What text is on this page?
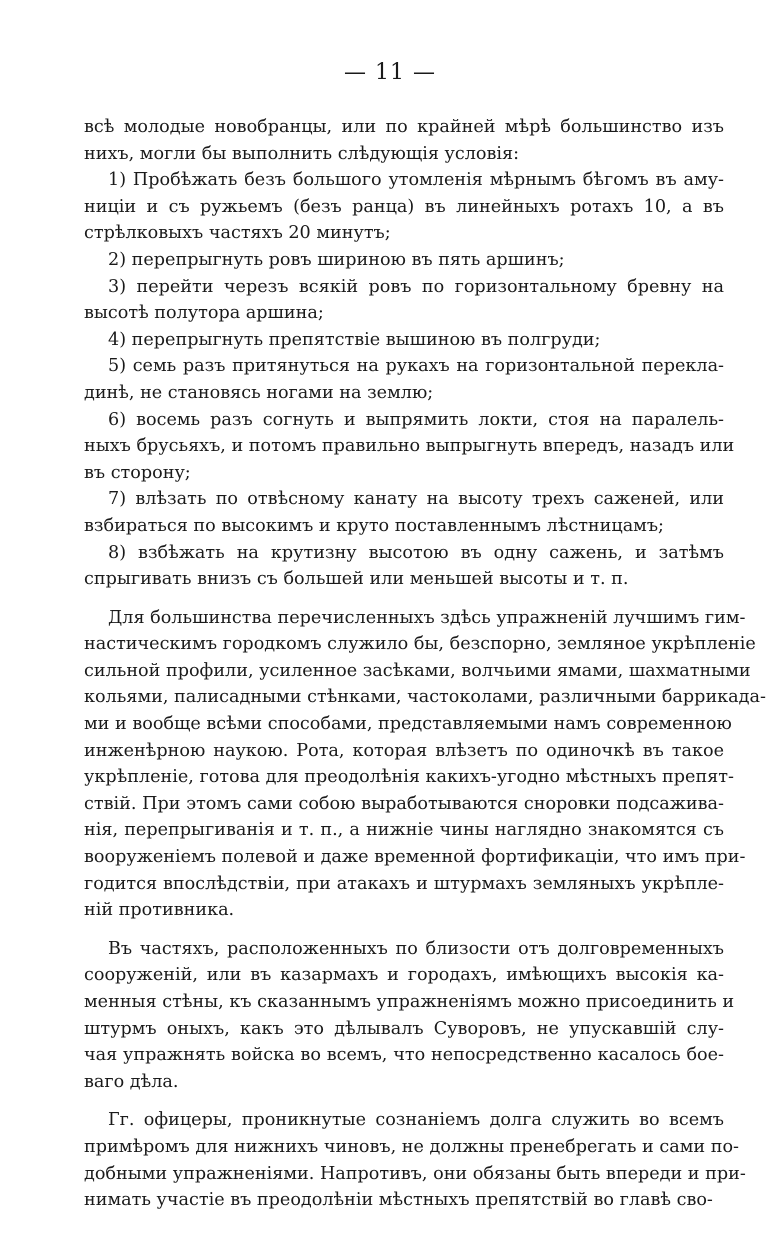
— 11 —

всѣ молодые новобранцы, или по крайней мѣрѣ большинство изъ
нихъ, могли бы выполнить слѣдующія условія:

1) Пробѣжать безъ большого утомленія мѣрнымъ бѣгомъ въ аму-
ниціи и съ ружьемъ (безъ ранца) въ линейныхъ ротахъ 10, а въ
стрѣлковыхъ частяхъ 20 минутъ;

2) перепрыгнуть ровъ шириною въ пять аршинъ;

3) перейти черезъ всякій ровъ по горизонтальному бревну на
высотѣ полутора аршина;

4) перепрыгнуть препятствіе вышиною въ полгруди;

5) семь разъ притянуться на рукахъ на горизонтальной перекла-
динѣ, не становясь ногами на землю;

6) восемь разъ согнуть и выпрямить локти, стоя на паралель-
ныхъ брусьяхъ, и потомъ правильно выпрыгнуть впередъ, назадъ или
въ сторону;

7) влѣзать по отвѣсному канату на высоту трехъ саженей, или
взбираться по высокимъ и круто поставленнымъ лѣстницамъ;

8) взбѣжать на крутизну высотою въ одну сажень, и затѣмъ
спрыгивать внизъ съ большей или меньшей высоты и т. п.

Для большинства перечисленныхъ здѣсь упражненій лучшимъ гим-
настическимъ городкомъ служило бы, безспорно, земляное укрѣпленіе
сильной профили, усиленное засѣками, волчьими ямами, шахматными
кольями, палисадными стѣнками, частоколами, различными баррикада-
ми и вообще всѣми способами, представляемыми намъ современною
инженѣрною наукою. Рота, которая влѣзетъ по одиночкѣ въ такое
укрѣпленіе, готова для преодолѣнія какихъ-угодно мѣстныхъ препят-
ствій. При этомъ сами собою выработываются сноровки подсаживa-
нія, перепрыгиванія и т. п., а нижніе чины наглядно знакомятся съ
вооруженіемъ полевой и даже временной фортификаціи, что имъ при-
годится впослѣдствіи, при атакахъ и штурмахъ земляныхъ укрѣпле-
ній противника.

Въ частяхъ, расположенныхъ по близости отъ долговременныхъ
сооруженій, или въ казармахъ и городахъ, имѣющихъ высокія ка-
менныя стѣны, къ сказаннымъ упражненіямъ можно присоединить и
штурмъ оныхъ, какъ это дѣлывалъ Суворовъ, не упускавшій слу-
чая упражнять войска во всемъ, что непосредственно касалось боe-
ваго дѣла.

Гг. офицеры, проникнутые сознаніемъ долга служить во всемъ
примѣромъ для нижнихъ чиновъ, не должны пренебрегать и сами по-
добными упражненіями. Напротивъ, они обязаны быть впереди и при-
нимать участіе въ преодолѣніи мѣстныхъ препятствій во главѣ сво-
